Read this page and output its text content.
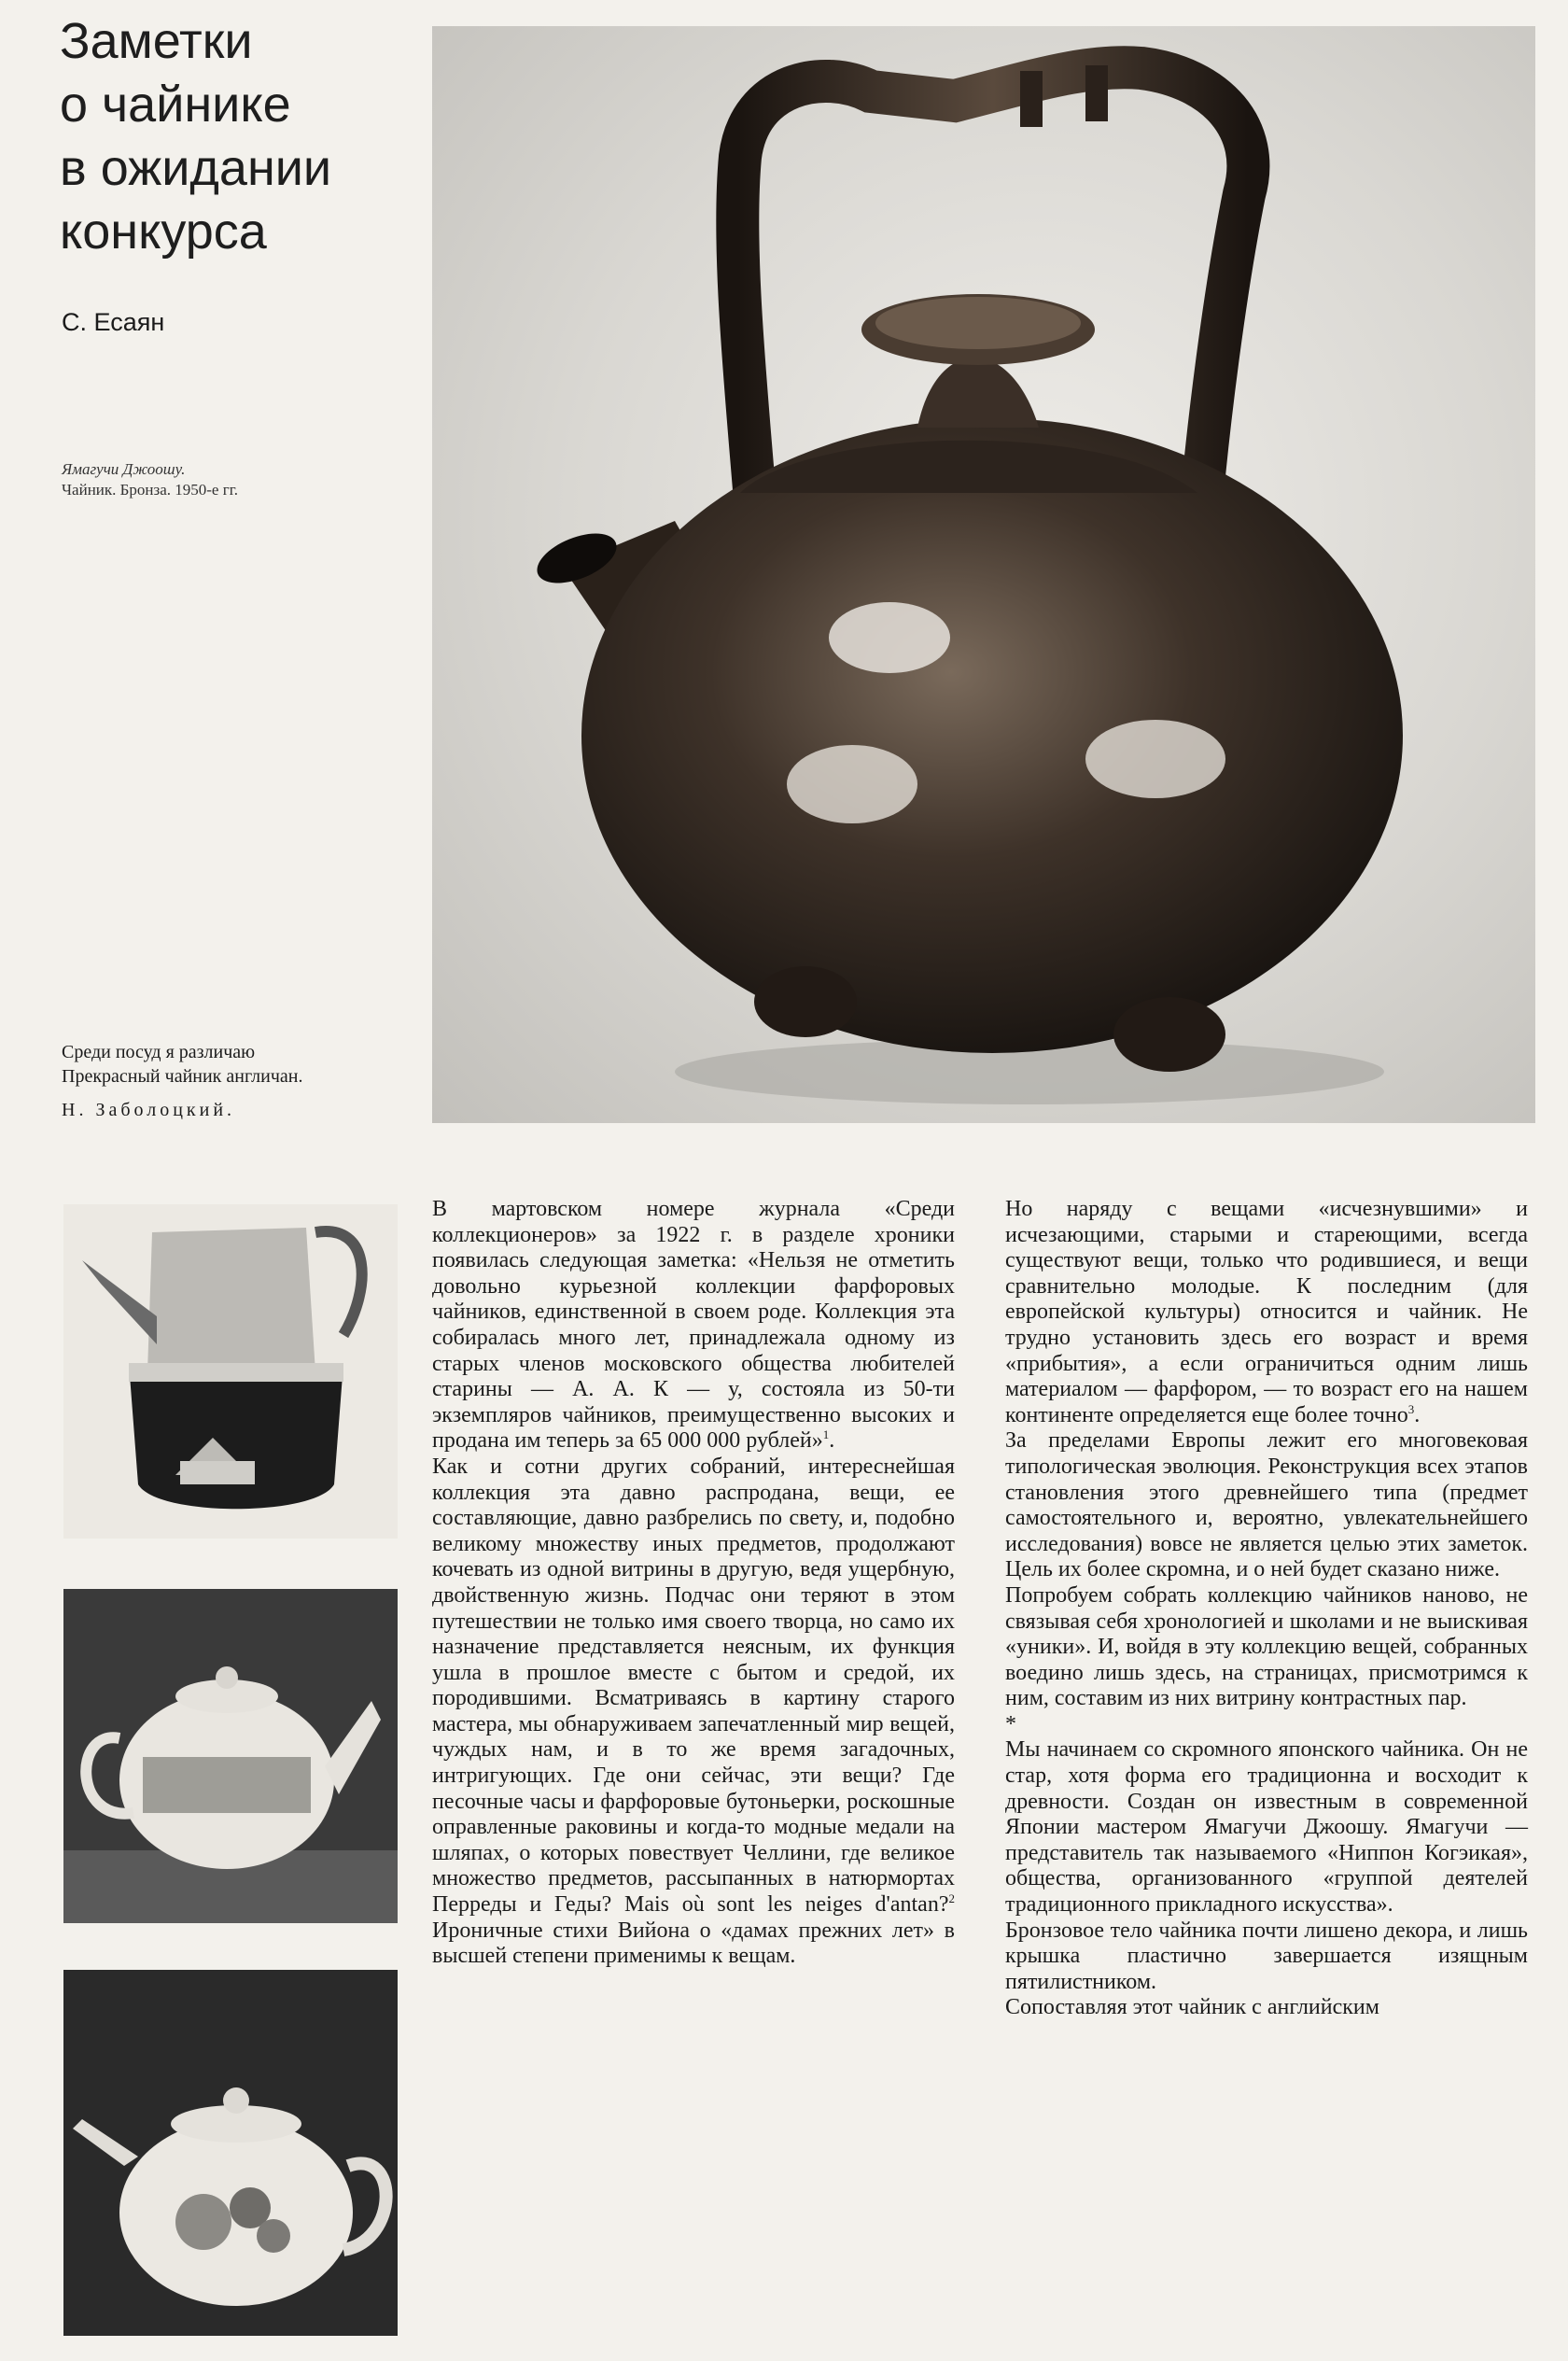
Заметки
о чайнике
в ожидании
конкурса
С. Есаян
Ямагучи Джоошу.
Чайник. Бронза. 1950-е гг.
Среди посуд я различаю
Прекрасный чайник англичан.
Н. Заболоцкий.

В мартовском номере журнала «Среди коллекционеров» за 1922 г. в разделе хроники появилась следующая заметка: «Нельзя не отметить довольно курьезной коллекции фарфоровых чайников, единственной в своем роде. Коллекция эта собиралась много лет, принадлежала одному из старых членов московского общества любителей старины — А. А. К — у, состояла из 50-ти экземпляров чайников, преимущественно высоких и продана им теперь за 65 000 000 рублей»$^1$.

Как и сотни других собраний, интереснейшая коллекция эта давно распродана, вещи, ее составляющие, давно разбрелись по свету, и, подобно великому множеству иных предметов, продолжают кочевать из одной витрины в другую, ведя ущербную, двойственную жизнь. Подчас они теряют в этом путешествии не только имя своего творца, но само их назначение представляется неясным, их функция ушла в прошлое вместе с бытом и средой, их породившими. Всматриваясь в картину старого мастера, мы обнаруживаем запечатленный мир вещей, чуждых нам, и в то же время загадочных, интригующих. Где они сейчас, эти вещи? Где песочные часы и фарфоровые бутоньерки, роскошные оправленные раковины и когда-то модные медали на шляпах, о которых повествует Челлини, где великое множество предметов, рассыпанных в натюрмортах Перреды и Геды? Mais où sont les neiges d'antan?$^2$ Ироничные стихи Вийона о «дамах прежних лет» в высшей степени применимы к вещам.

Но наряду с вещами «исчезнувшими» и исчезающими, старыми и стареющими, всегда существуют вещи, только что родившиеся, и вещи сравнительно молодые. К последним (для европейской культуры) относится и чайник. Не трудно установить здесь его возраст и время «прибытия», а если ограничиться одним лишь материалом — фарфором, — то возраст его на нашем континенте определяется еще более точно$^3$.

За пределами Европы лежит его многовековая типологическая эволюция. Реконструкция всех этапов становления этого древнейшего типа (предмет самостоятельного и, вероятно, увлекательнейшего исследования) вовсе не является целью этих заметок. Цель их более скромна, и о ней будет сказано ниже.

Попробуем собрать коллекцию чайников наново, не связывая себя хронологией и школами и не выискивая «уники». И, войдя в эту коллекцию вещей, собранных воедино лишь здесь, на страницах, присмотримся к ним, составим из них витрину контрастных пар.

*

Мы начинаем со скромного японского чайника. Он не стар, хотя форма его традиционна и восходит к древности. Создан он известным в современной Японии мастером Ямагучи Джоошу. Ямагучи — представитель так называемого «Ниппон Когэикая», общества, организованного «группой деятелей традиционного прикладного искусства».

Бронзовое тело чайника почти лишено декора, и лишь крышка пластично завершается изящным пятилистником.

Сопоставляя этот чайник с английским
